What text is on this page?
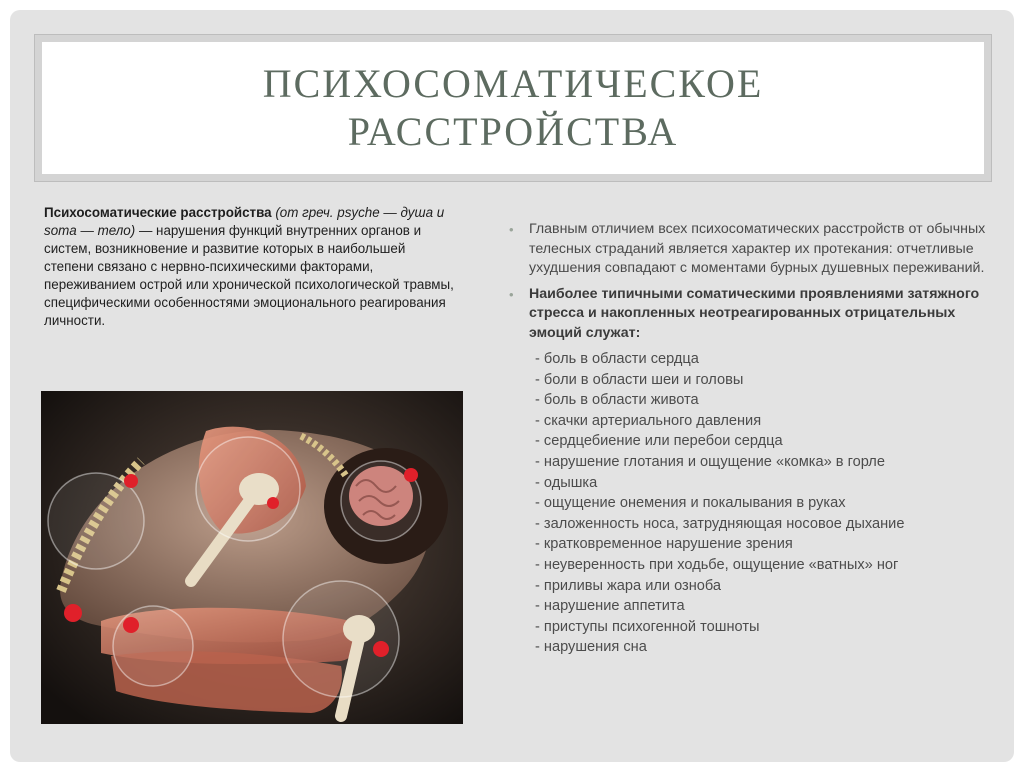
ПСИХОСОМАТИЧЕСКОЕ
РАССТРОЙСТВА
Психосоматические расстройства (от греч. psyche — душа и soma — тело) — нарушения функций внутренних органов и систем, возникновение и развитие которых в наибольшей степени связано с нервно-психическими факторами, переживанием острой или хронической психологической травмы, специфическими особенностями эмоционального реагирования личности.
• Главным отличием всех психосоматических расстройств от обычных телесных страданий является характер их протекания: отчетливые ухудшения совпадают с моментами бурных душевных переживаний.
• Наиболее типичными соматическими проявлениями затяжного стресса и накопленных неотреагированных отрицательных эмоций служат:
- боль в области сердца
- боли в области шеи и головы
- боль в области живота
- скачки артериального давления
- сердцебиение или перебои сердца
- нарушение глотания и ощущение «комка» в горле
- одышка
- ощущение онемения и покалывания в руках
- заложенность носа, затрудняющая носовое дыхание
- кратковременное нарушение зрения
- неуверенность при ходьбе, ощущение «ватных» ног
- приливы жара или озноба
- нарушение аппетита
- приступы психогенной тошноты
- нарушения сна
